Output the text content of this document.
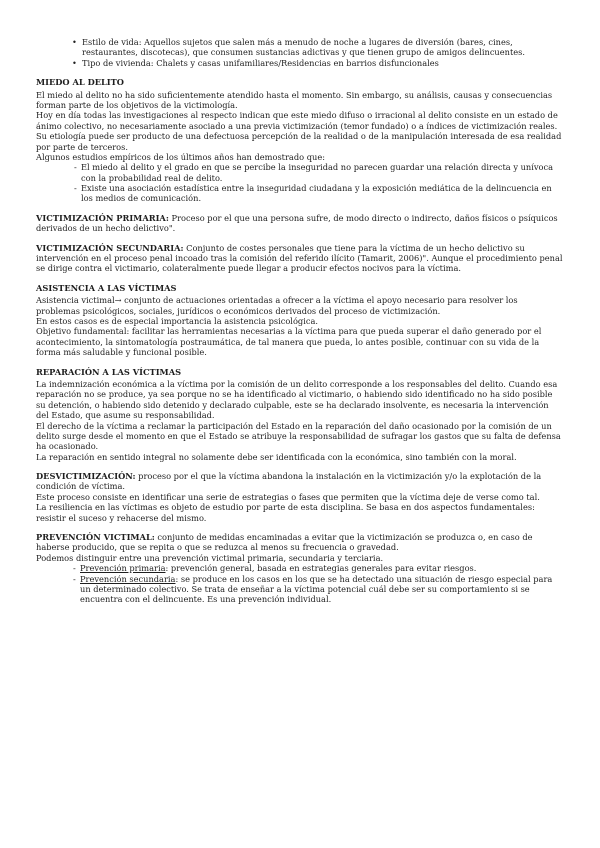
• Estilo de vida: Aquellos sujetos que salen más a menudo de noche a lugares de diversión (bares, cines, restaurantes, discotecas), que consumen sustancias adictivas y que tienen grupo de amigos delincuentes.
• Tipo de vivienda: Chalets y casas unifamiliares/Residencias en barrios disfuncionales
MIEDO AL DELITO

El miedo al delito no ha sido suficientemente atendido hasta el momento. Sin embargo, su análisis, causas y consecuencias forman parte de los objetivos de la victimología.

Hoy en día todas las investigaciones al respecto indican que este miedo difuso o irracional al delito consiste en un estado de ánimo colectivo, no necesariamente asociado a una previa victimización (temor fundado) o a índices de victimización reales.

Su etiología puede ser producto de una defectuosa percepción de la realidad o de la manipulación interesada de esa realidad por parte de terceros.

Algunos estudios empíricos de los últimos años han demostrado que:

- El miedo al delito y el grado en que se percibe la inseguridad no parecen guardar una relación directa y unívoca con la probabilidad real de delito.
- Existe una asociación estadística entre la inseguridad ciudadana y la exposición mediática de la delincuencia en los medios de comunicación.

VICTIMIZACIÓN PRIMARIA: Proceso por el que una persona sufre, de modo directo o indirecto, daños físicos o psíquicos derivados de un hecho delictivo".

VICTIMIZACIÓN SECUNDARIA: Conjunto de costes personales que tiene para la víctima de un hecho delictivo su intervención en el proceso penal incoado tras la comisión del referido ilícito (Tamarit, 2006)". Aunque el procedimiento penal se dirige contra el victimario, colateralmente puede llegar a producir efectos nocivos para la víctima.

ASISTENCIA A LAS VÍCTIMAS

Asistencia victimal→ conjunto de actuaciones orientadas a ofrecer a la víctima el apoyo necesario para resolver los problemas psicológicos, sociales, jurídicos o económicos derivados del proceso de victimización.

En estos casos es de especial importancia la asistencia psicológica.

Objetivo fundamental: facilitar las herramientas necesarias a la víctima para que pueda superar el daño generado por el acontecimiento, la sintomatología postraumática, de tal manera que pueda, lo antes posible, continuar con su vida de la forma más saludable y funcional posible.

REPARACIÓN A LAS VÍCTIMAS

La indemnización económica a la víctima por la comisión de un delito corresponde a los responsables del delito. Cuando esa reparación no se produce, ya sea porque no se ha identificado al victimario, o habiendo sido identificado no ha sido posible su detención, o habiendo sido detenido y declarado culpable, este se ha declarado insolvente, es necesaria la intervención del Estado, que asume su responsabilidad.

El derecho de la víctima a reclamar la participación del Estado en la reparación del daño ocasionado por la comisión de un delito surge desde el momento en que el Estado se atribuye la responsabilidad de sufragar los gastos que su falta de defensa ha ocasionado.

La reparación en sentido integral no solamente debe ser identificada con la económica, sino también con la moral.

DESVICTIMIZACIÓN: proceso por el que la víctima abandona la instalación en la victimización y/o la explotación de la condición de víctima.

Este proceso consiste en identificar una serie de estrategias o fases que permiten que la víctima deje de verse como tal.

La resiliencia en las víctimas es objeto de estudio por parte de esta disciplina. Se basa en dos aspectos fundamentales: resistir el suceso y rehacerse del mismo.

PREVENCIÓN VICTIMAL: conjunto de medidas encaminadas a evitar que la victimización se produzca o, en caso de haberse producido, que se repita o que se reduzca al menos su frecuencia o gravedad.

Podemos distinguir entre una prevención victimal primaria, secundaria y terciaria.

- Prevención primaria: prevención general, basada en estrategias generales para evitar riesgos.
- Prevención secundaria: se produce en los casos en los que se ha detectado una situación de riesgo especial para un determinado colectivo. Se trata de enseñar a la víctima potencial cuál debe ser su comportamiento si se encuentra con el delincuente. Es una prevención individual.
